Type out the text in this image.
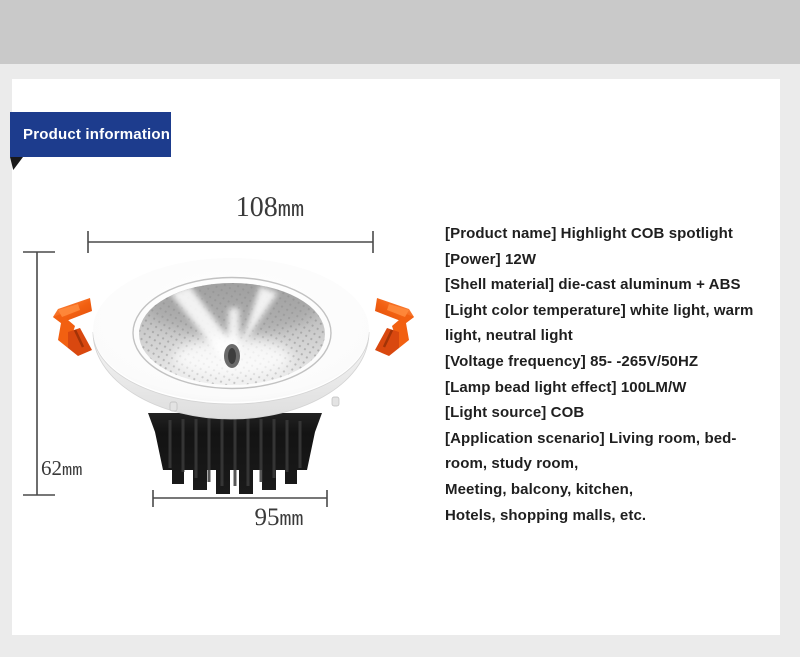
Product information
108mm
62mm
95mm
[Product name] Highlight COB spotlight
[Power] 12W
[Shell material] die-cast aluminum + ABS
[Light color temperature] white light, warm
light, neutral light
[Voltage frequency] 85- -265V/50HZ
[Lamp bead light effect] 100LM/W
[Light source] COB
[Application scenario] Living room, bed-
room, study room,
Meeting, balcony, kitchen,
Hotels, shopping malls, etc.
